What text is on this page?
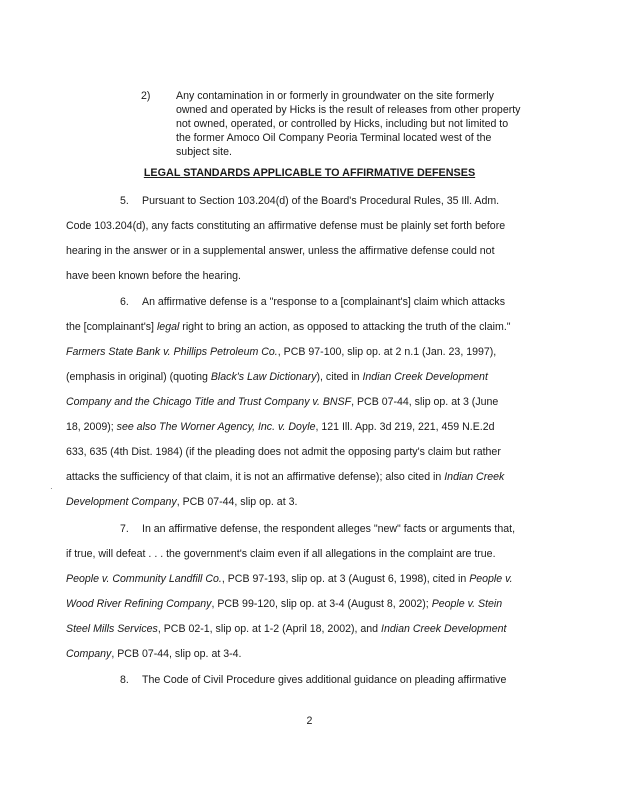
2) Any contamination in or formerly in groundwater on the site formerly
owned and operated by Hicks is the result of releases from other property
not owned, operated, or controlled by Hicks, including but not limited to
the former Amoco Oil Company Peoria Terminal located west of the
subject site.
LEGAL STANDARDS APPLICABLE TO AFFIRMATIVE DEFENSES
5. Pursuant to Section 103.204(d) of the Board's Procedural Rules, 35 Ill. Adm.
Code 103.204(d), any facts constituting an affirmative defense must be plainly set forth before
hearing in the answer or in a supplemental answer, unless the affirmative defense could not
have been known before the hearing.
6. An affirmative defense is a "response to a [complainant's] claim which attacks
the [complainant's] legal right to bring an action, as opposed to attacking the truth of the claim."
Farmers State Bank v. Phillips Petroleum Co., PCB 97-100, slip op. at 2 n.1 (Jan. 23, 1997),
(emphasis in original) (quoting Black's Law Dictionary), cited in Indian Creek Development
Company and the Chicago Title and Trust Company v. BNSF, PCB 07-44, slip op. at 3 (June
18, 2009); see also The Worner Agency, Inc. v. Doyle, 121 Ill. App. 3d 219, 221, 459 N.E.2d
633, 635 (4th Dist. 1984) (if the pleading does not admit the opposing party's claim but rather
attacks the sufficiency of that claim, it is not an affirmative defense); also cited in Indian Creek
Development Company, PCB 07-44, slip op. at 3.
·
7. In an affirmative defense, the respondent alleges "new" facts or arguments that,
if true, will defeat . . . the government's claim even if all allegations in the complaint are true.
People v. Community Landfill Co., PCB 97-193, slip op. at 3 (August 6, 1998), cited in People v.
Wood River Refining Company, PCB 99-120, slip op. at 3-4 (August 8, 2002); People v. Stein
Steel Mills Services, PCB 02-1, slip op. at 1-2 (April 18, 2002), and Indian Creek Development
Company, PCB 07-44, slip op. at 3-4.
8. The Code of Civil Procedure gives additional guidance on pleading affirmative
2
